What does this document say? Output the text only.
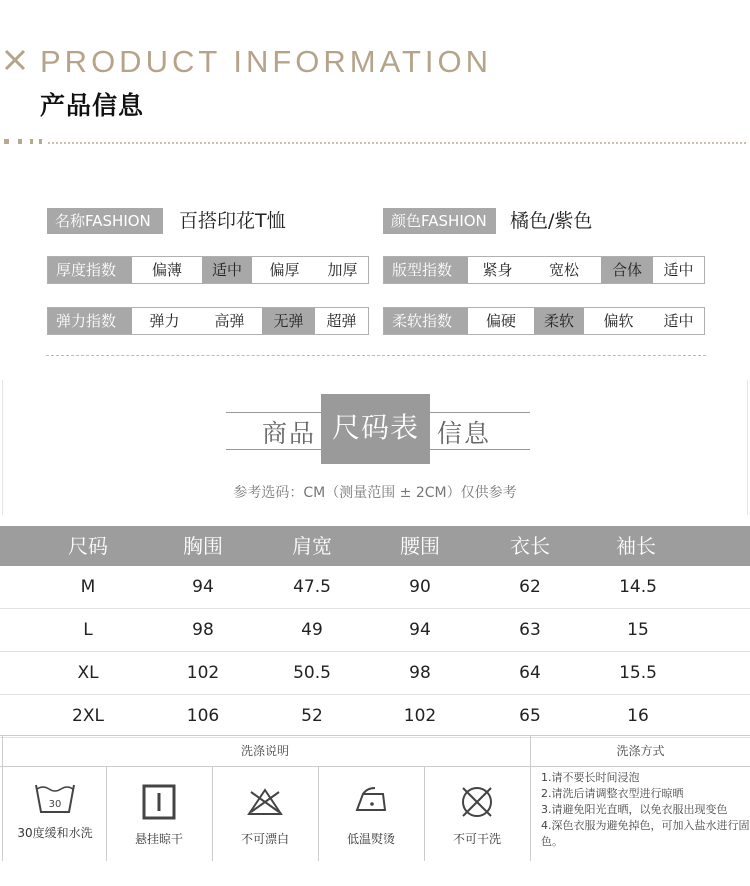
PRODUCT INFORMATION
产品信息
名称FASHION	百搭印花T恤	颜色FASHION	橘色/紫色
厚度指数	偏薄	适中	偏厚	加厚	版型指数	紧身	宽松	合体	适中
弹力指数	弹力	高弹	无弹	超弹	柔软指数	偏硬	柔软	偏软	适中
商品 尺码表 信息
参考选码：CM（测量范围 ± 2CM）仅供参考
尺码	胸围	肩宽	腰围	衣长	袖长
M	94	47.5	90	62	14.5
L	98	49	94	63	15
XL	102	50.5	98	64	15.5
2XL	106	52	102	65	16
洗涤说明	洗涤方式
30
30度缓和水洗	悬挂晾干	不可漂白	低温熨烫	不可干洗
1.请不要长时间浸泡
2.请洗后请调整衣型进行晾晒
3.请避免阳光直晒，以免衣服出现变色
4.深色衣服为避免掉色，可加入盐水进行固色。
